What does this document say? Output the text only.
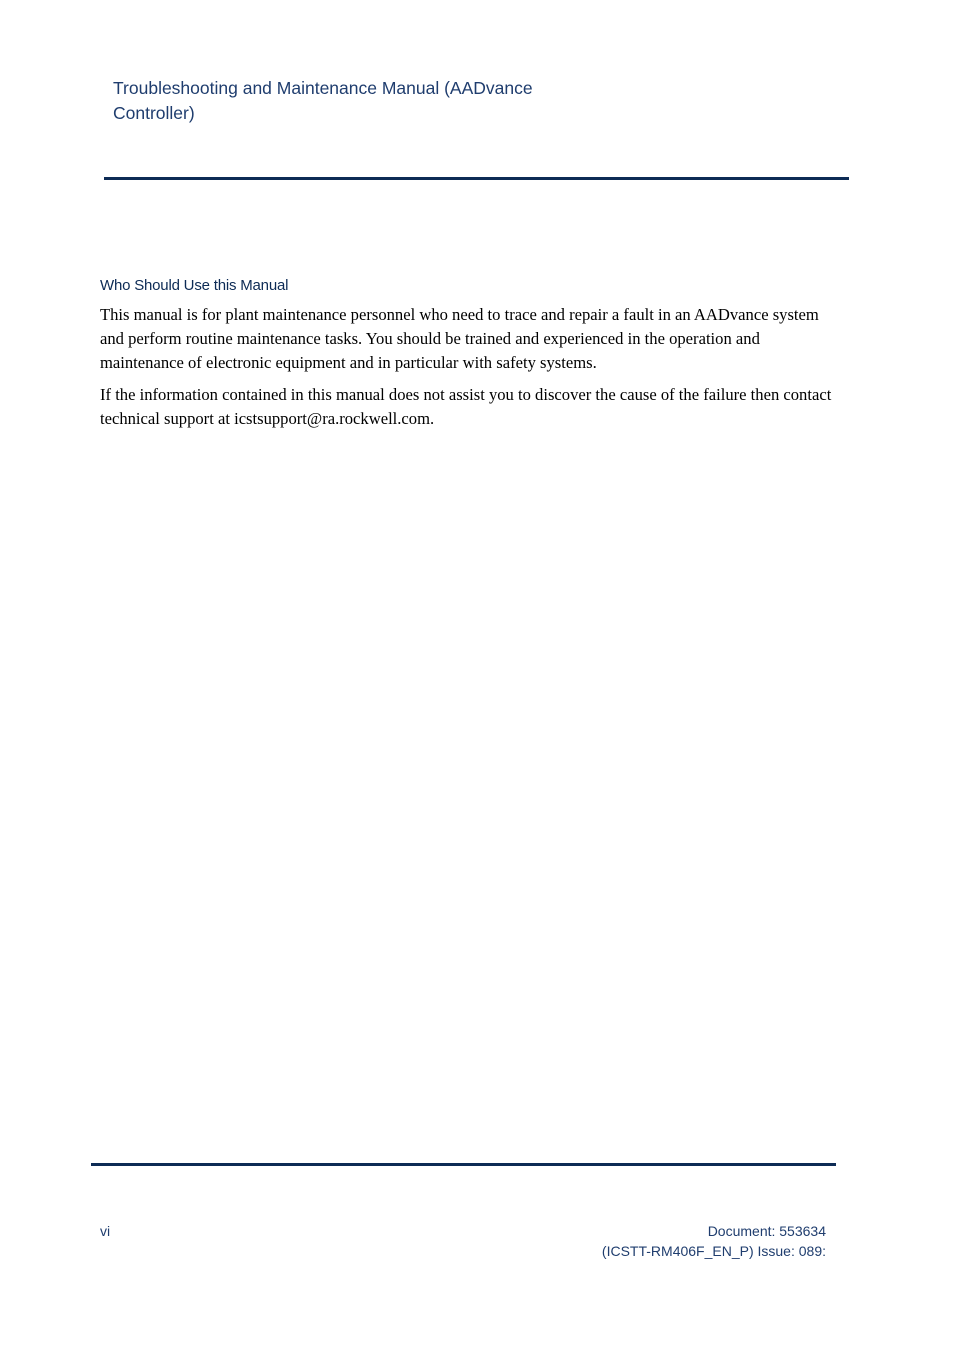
Troubleshooting and Maintenance Manual (AADvance
Controller)
Who Should Use this Manual
This manual is for plant maintenance personnel who need to trace and repair a fault in an AADvance system and perform routine maintenance tasks. You should be trained and experienced in the operation and maintenance of electronic equipment and in particular with safety systems.
If the information contained in this manual does not assist you to discover the cause of the failure then contact technical support at icstsupport@ra.rockwell.com.
vi	Document: 553634
(ICSTT-RM406F_EN_P) Issue: 089:
